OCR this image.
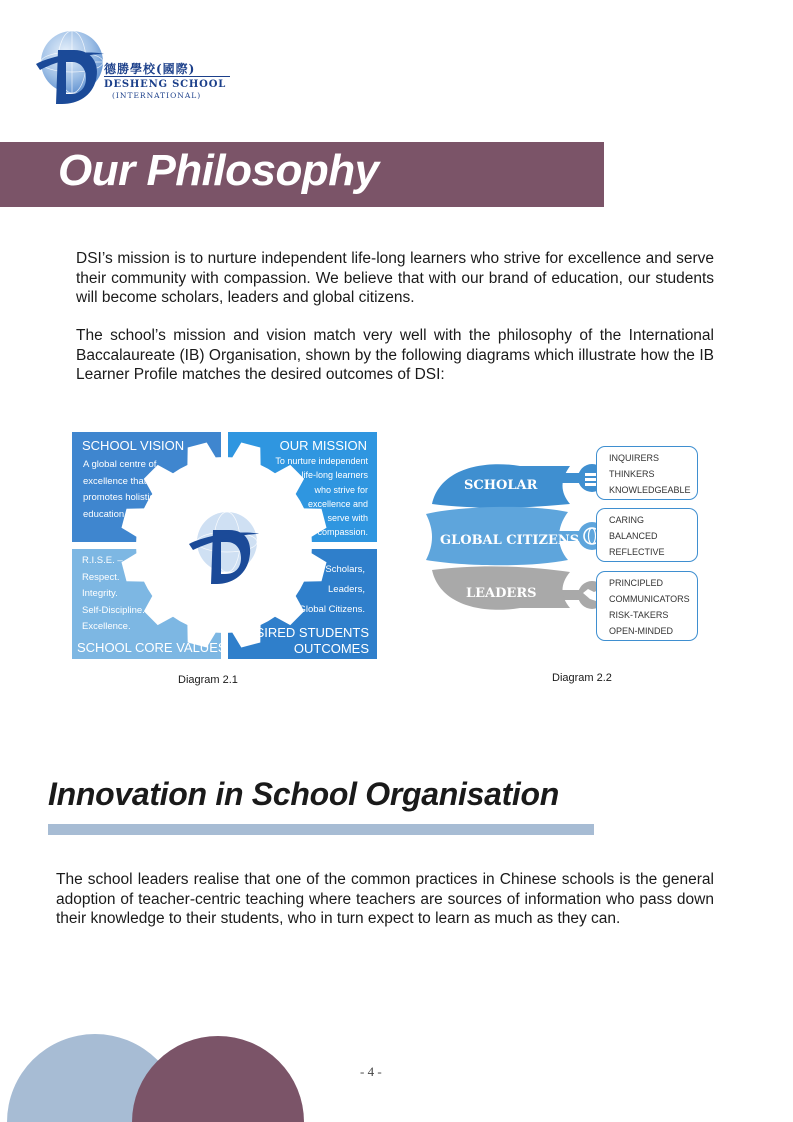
德勝學校(國際)
DESHENG SCHOOL
(INTERNATIONAL)
Our Philosophy
DSI’s mission is to nurture independent life-long learners who strive for excellence and serve their community with compassion. We believe that with our brand of education, our students will become scholars, leaders and global citizens.
The school’s mission and vision match very well with the philosophy of the International Baccalaureate (IB) Organisation, shown by the following diagrams which illustrate how the IB Learner Profile matches the desired outcomes of DSI:
SCHOOL VISION
A global centre of
excellence that
promotes holistic
education.
OUR MISSION
To nurture independent
life-long learners
who strive for
excellence and
serve with
compassion.
R.I.S.E. –
Respect.
Integrity.
Self-Discipline.
Excellence.
SCHOOL CORE VALUES
Scholars,
Leaders,
Global Citizens.
DESIRED STUDENTS
OUTCOMES
Diagram 2.1
SCHOLAR
GLOBAL CITIZENS
LEADERS
INQUIRERS
THINKERS
KNOWLEDGEABLE
CARING
BALANCED
REFLECTIVE
PRINCIPLED
COMMUNICATORS
RISK-TAKERS
OPEN-MINDED
Diagram 2.2
Innovation in School Organisation
The school leaders realise that one of the common practices in Chinese schools is the general adoption of teacher-centric teaching where teachers are sources of information who pass down their knowledge to their students, who in turn expect to learn as much as they can.
- 4 -
